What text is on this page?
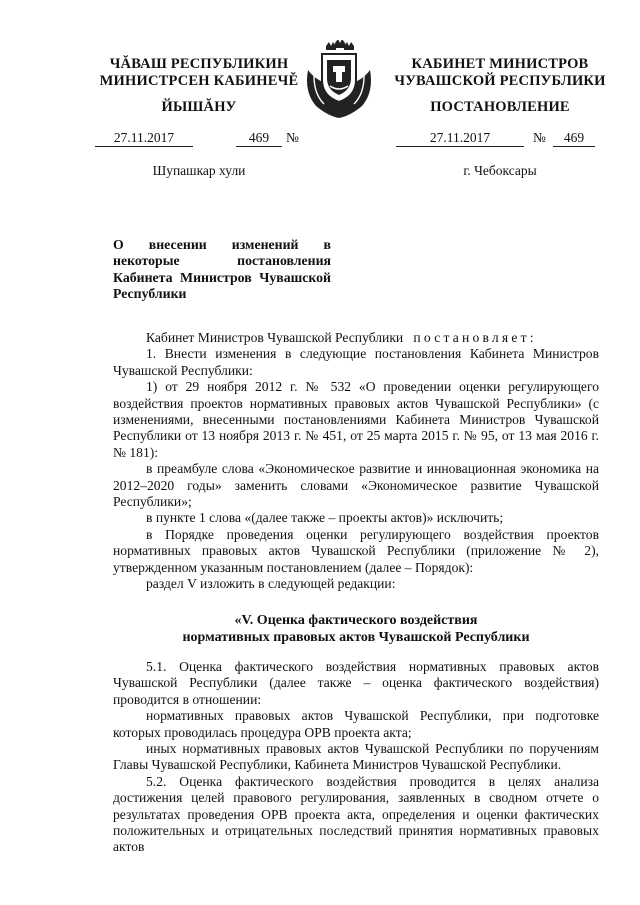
ЧĂВАШ РЕСПУБЛИКИН
МИНИСТРСЕН КАБИНЕЧĚ
ЙЫШĂНУ
КАБИНЕТ МИНИСТРОВ
ЧУВАШСКОЙ РЕСПУБЛИКИ
ПОСТАНОВЛЕНИЕ
27.11.2017	469	№	27.11.2017	№	469
Шупашкар хули	г. Чебоксары
О внесении изменений в некоторые постановления Кабинета Министров Чувашской Республики

Кабинет Министров Чувашской Республики постановляет:

1. Внести изменения в следующие постановления Кабинета Министров Чувашской Республики:

1) от 29 ноября 2012 г. № 532 «О проведении оценки регулирующего воздействия проектов нормативных правовых актов Чувашской Республики» (с изменениями, внесенными постановлениями Кабинета Министров Чувашской Республики от 13 ноября 2013 г. № 451, от 25 марта 2015 г. № 95, от 13 мая 2016 г. № 181):

в преамбуле слова «Экономическое развитие и инновационная экономика на 2012–2020 годы» заменить словами «Экономическое развитие Чувашской Республики»;

в пункте 1 слова «(далее также – проекты актов)» исключить;

в Порядке проведения оценки регулирующего воздействия проектов нормативных правовых актов Чувашской Республики (приложение № 2), утвержденном указанным постановлением (далее – Порядок):

раздел V изложить в следующей редакции:

«V. Оценка фактического воздействия
нормативных правовых актов Чувашской Республики

5.1. Оценка фактического воздействия нормативных правовых актов Чувашской Республики (далее также – оценка фактического воздействия) проводится в отношении:

нормативных правовых актов Чувашской Республики, при подготовке которых проводилась процедура ОРВ проекта акта;

иных нормативных правовых актов Чувашской Республики по поручениям Главы Чувашской Республики, Кабинета Министров Чувашской Республики.

5.2. Оценка фактического воздействия проводится в целях анализа достижения целей правового регулирования, заявленных в сводном отчете о результатах проведения ОРВ проекта акта, определения и оценки фактических положительных и отрицательных последствий принятия нормативных правовых актов
